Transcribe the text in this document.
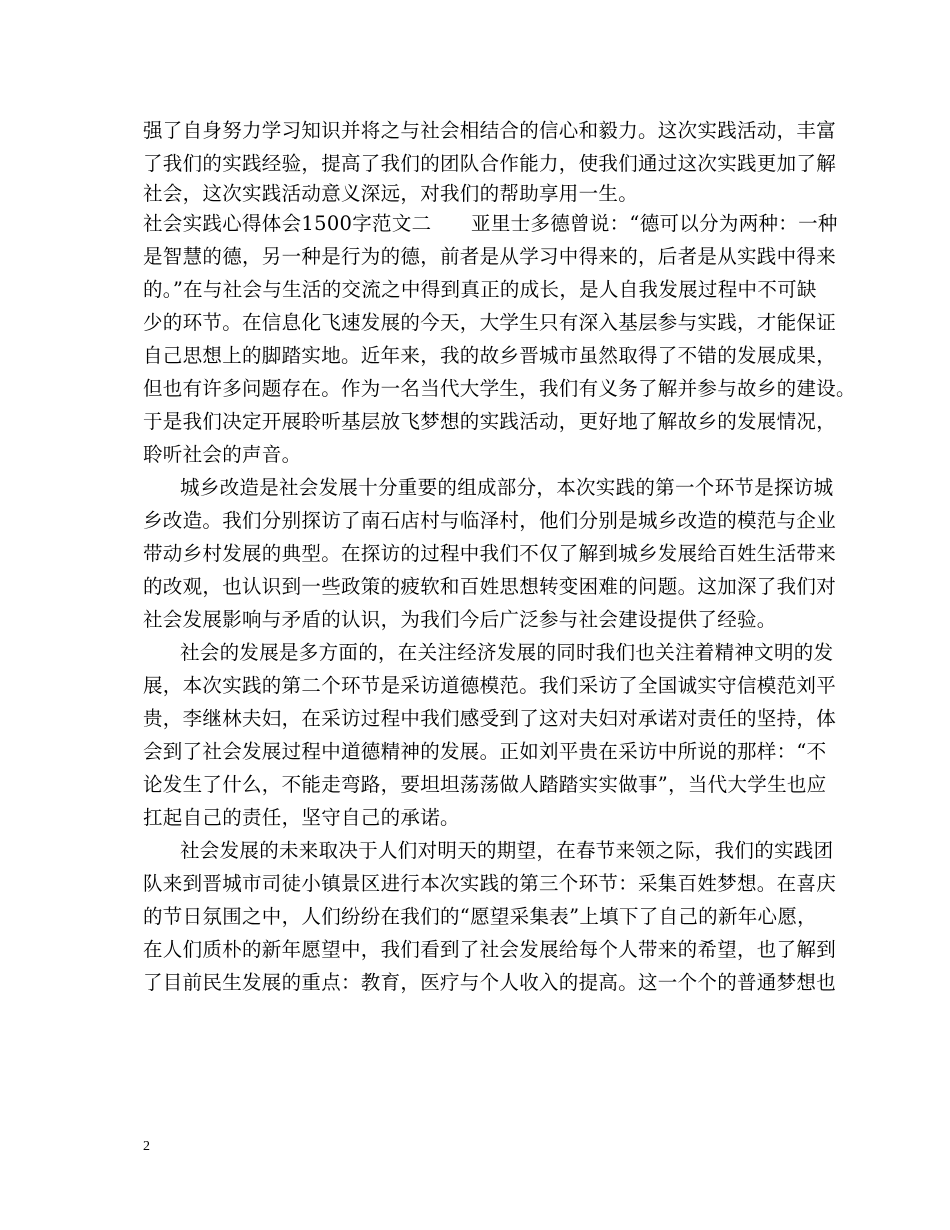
强了自身努力学习知识并将之与社会相结合的信心和毅力。这次实践活动，丰富
了我们的实践经验，提高了我们的团队合作能力，使我们通过这次实践更加了解
社会，这次实践活动意义深远，对我们的帮助享用一生。
社会实践心得体会1500字范文二　　亚里士多德曾说：“德可以分为两种：一种
是智慧的德，另一种是行为的德，前者是从学习中得来的，后者是从实践中得来
的。”在与社会与生活的交流之中得到真正的成长，是人自我发展过程中不可缺
少的环节。在信息化飞速发展的今天，大学生只有深入基层参与实践，才能保证
自己思想上的脚踏实地。近年来，我的故乡晋城市虽然取得了不错的发展成果，
但也有许多问题存在。作为一名当代大学生，我们有义务了解并参与故乡的建设。
于是我们决定开展聆听基层放飞梦想的实践活动，更好地了解故乡的发展情况，
聆听社会的声音。
城乡改造是社会发展十分重要的组成部分，本次实践的第一个环节是探访城
乡改造。我们分别探访了南石店村与临泽村，他们分别是城乡改造的模范与企业
带动乡村发展的典型。在探访的过程中我们不仅了解到城乡发展给百姓生活带来
的改观，也认识到一些政策的疲软和百姓思想转变困难的问题。这加深了我们对
社会发展影响与矛盾的认识，为我们今后广泛参与社会建设提供了经验。
社会的发展是多方面的，在关注经济发展的同时我们也关注着精神文明的发
展，本次实践的第二个环节是采访道德模范。我们采访了全国诚实守信模范刘平
贵，李继林夫妇，在采访过程中我们感受到了这对夫妇对承诺对责任的坚持，体
会到了社会发展过程中道德精神的发展。正如刘平贵在采访中所说的那样：“不
论发生了什么，不能走弯路，要坦坦荡荡做人踏踏实实做事”，当代大学生也应
扛起自己的责任，坚守自己的承诺。
社会发展的未来取决于人们对明天的期望，在春节来领之际，我们的实践团
队来到晋城市司徒小镇景区进行本次实践的第三个环节：采集百姓梦想。在喜庆
的节日氛围之中，人们纷纷在我们的“愿望采集表”上填下了自己的新年心愿，
在人们质朴的新年愿望中，我们看到了社会发展给每个人带来的希望，也了解到
了目前民生发展的重点：教育，医疗与个人收入的提高。这一个个的普通梦想也
2
